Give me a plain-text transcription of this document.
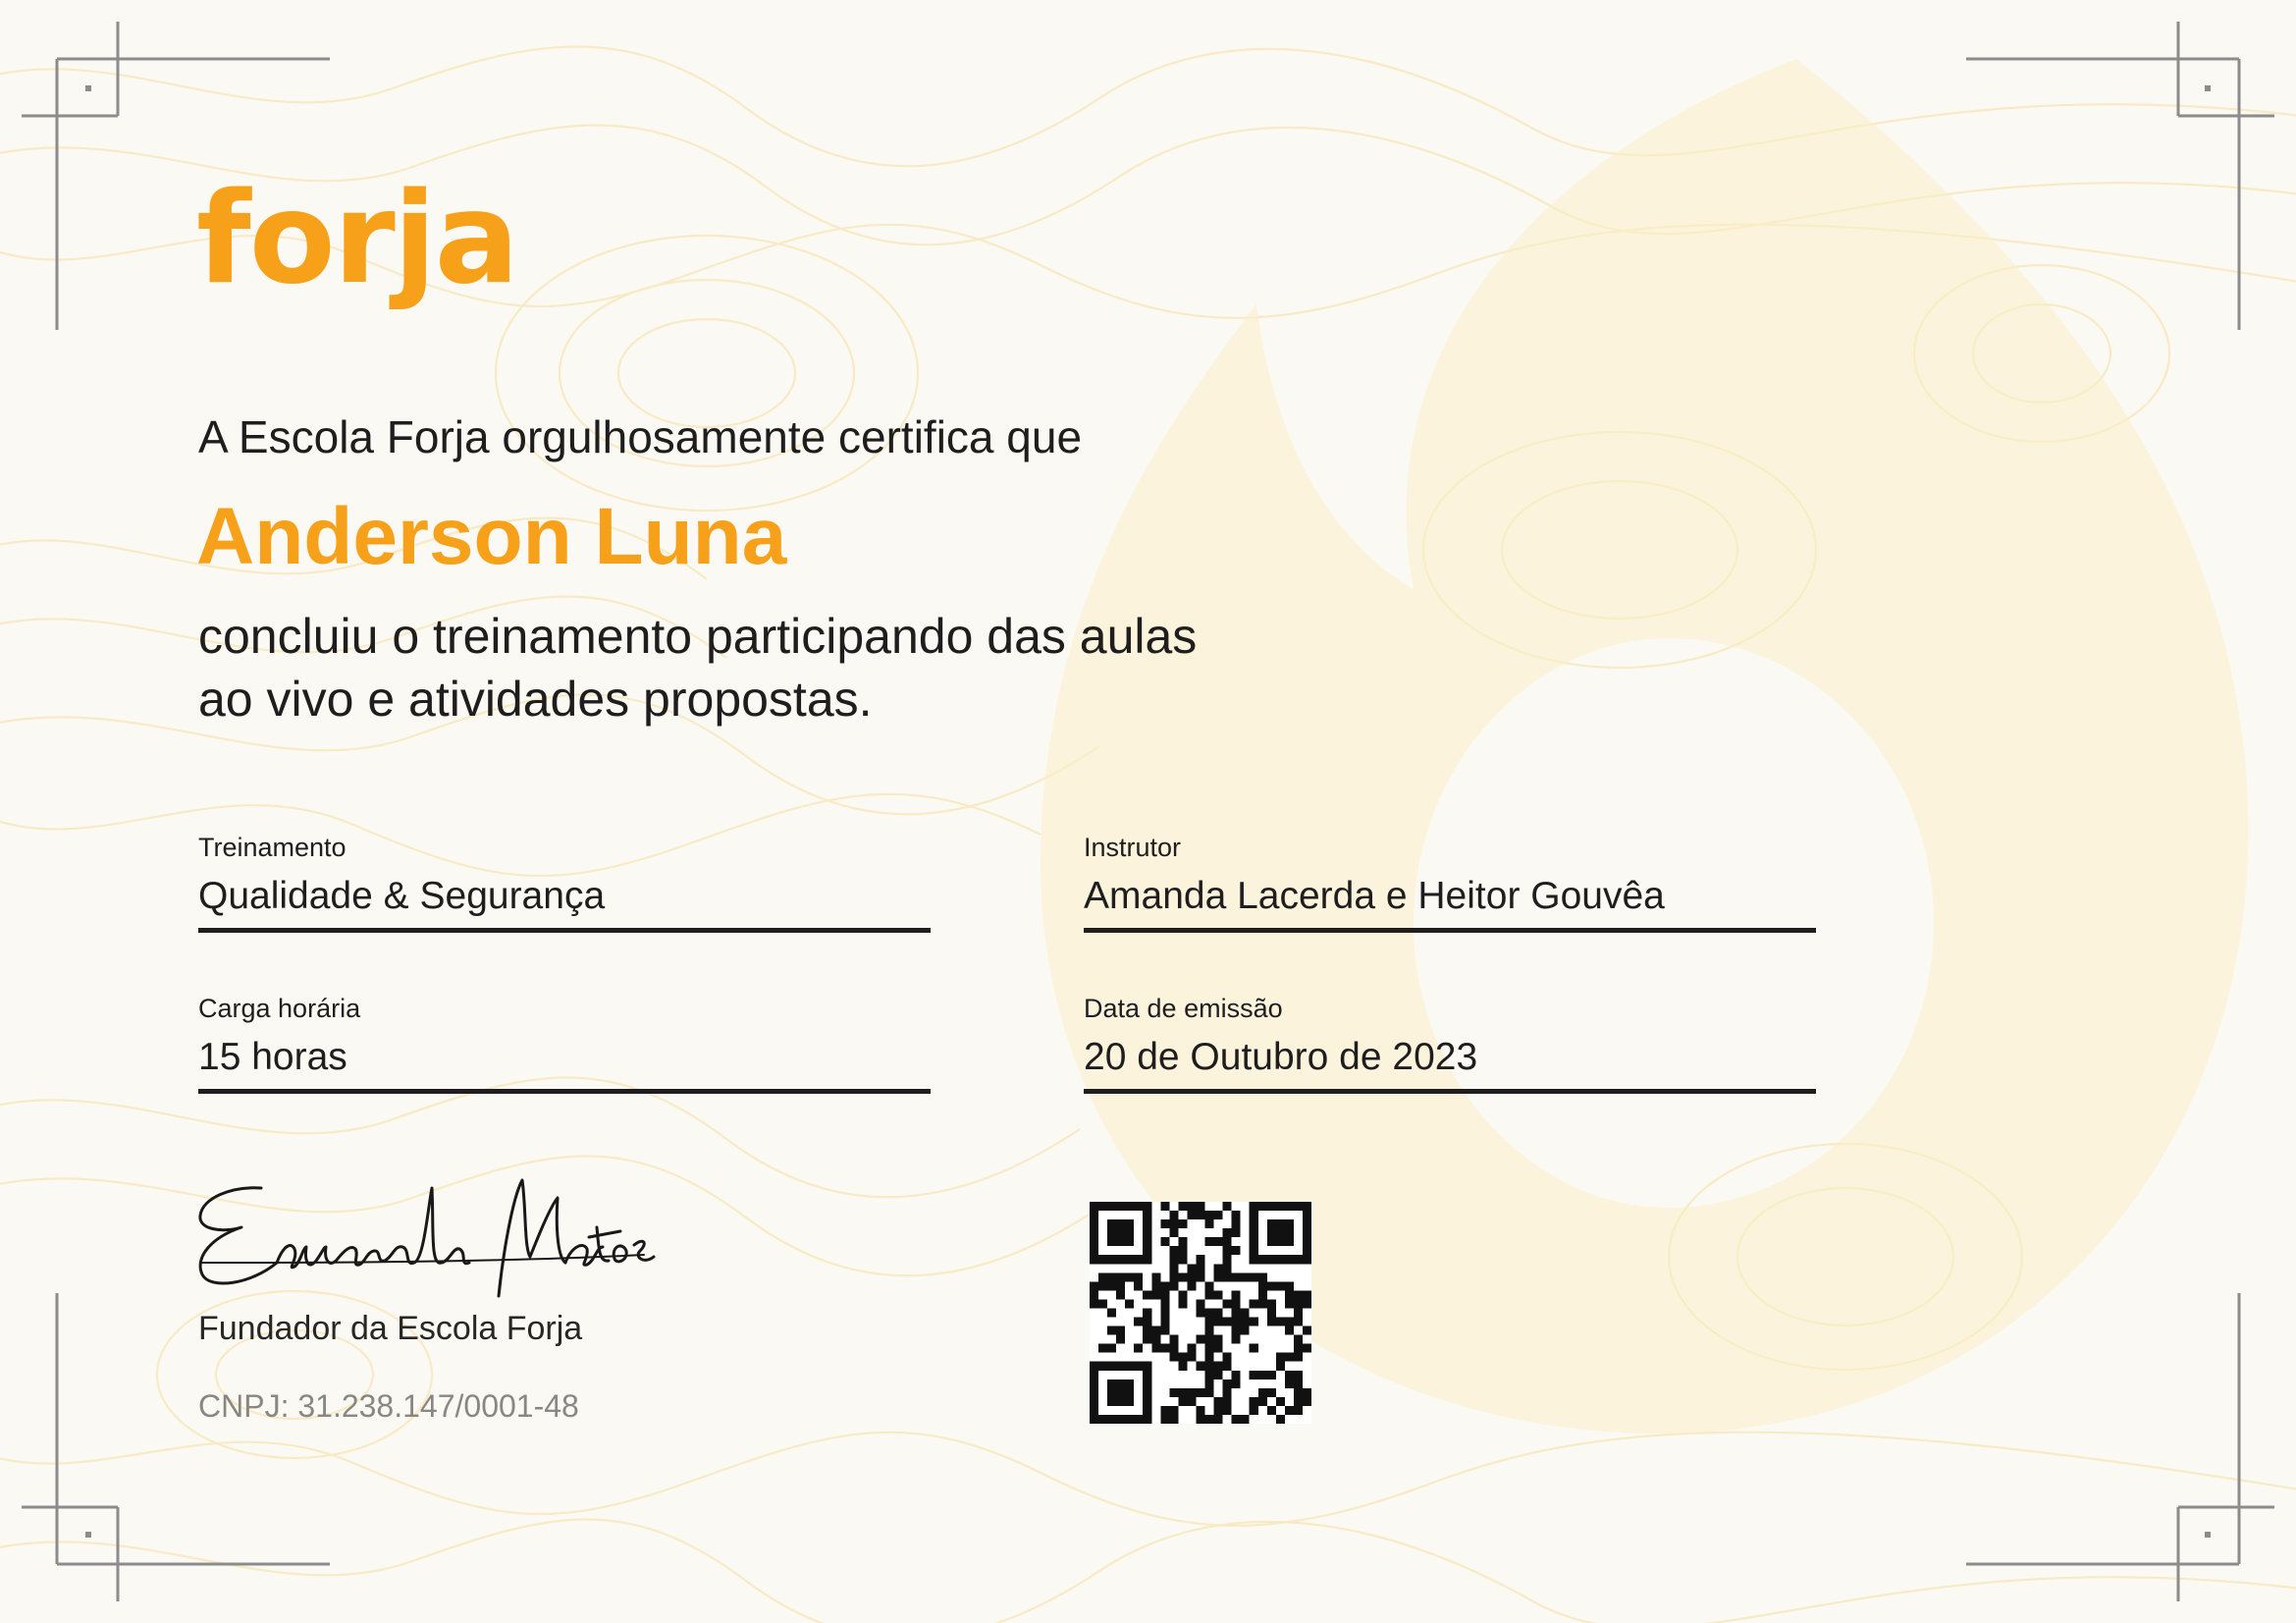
forja
A Escola Forja orgulhosamente certifica que
Anderson Luna
concluiu o treinamento participando das aulas
ao vivo e atividades propostas.
Treinamento
Qualidade & Segurança
Instrutor
Amanda Lacerda e Heitor Gouvêa
Carga horária
15 horas
Data de emissão
20 de Outubro de 2023
Fundador da Escola Forja
CNPJ: 31.238.147/0001-48
